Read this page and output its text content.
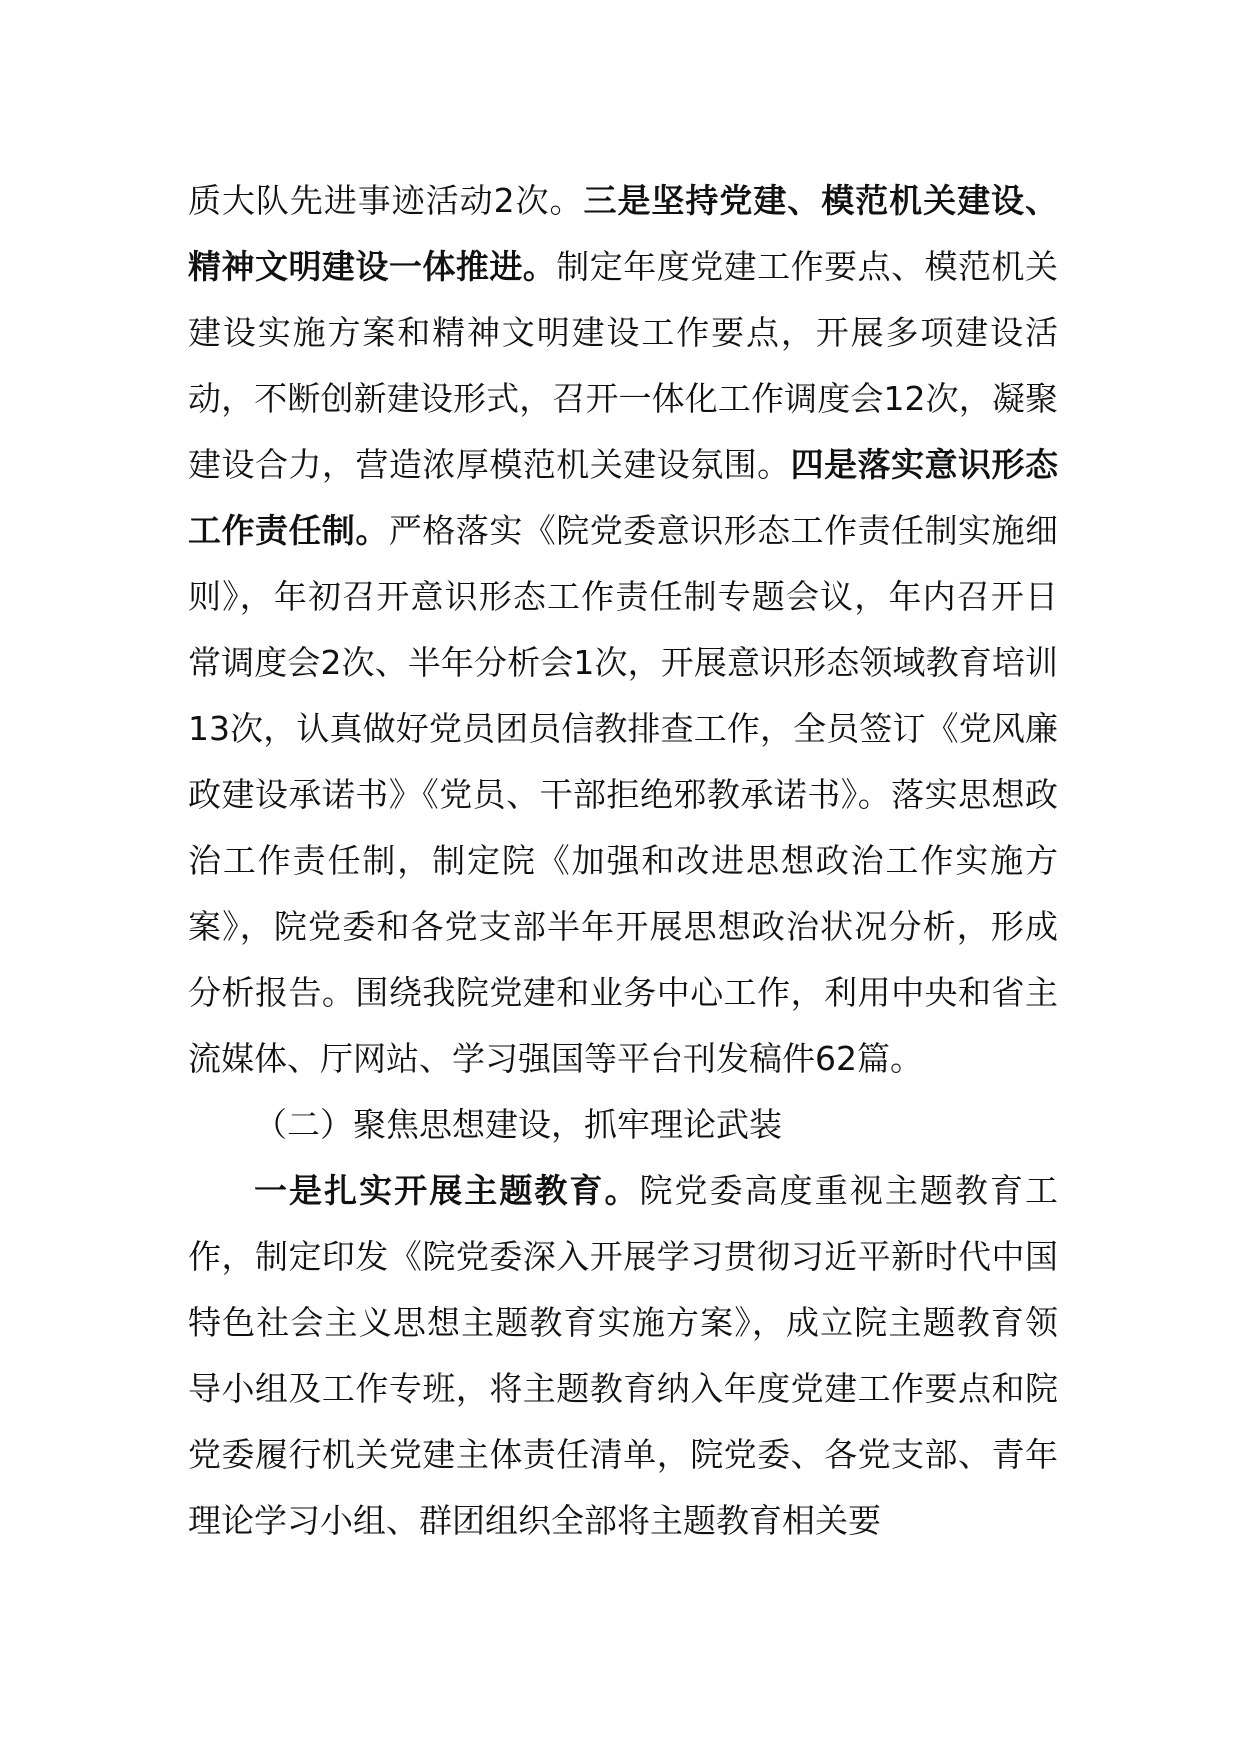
质大队先进事迹活动2次。三是坚持党建、模范机关建设、精神文明建设一体推进。制定年度党建工作要点、模范机关建设实施方案和精神文明建设工作要点，开展多项建设活动，不断创新建设形式，召开一体化工作调度会12次，凝聚建设合力，营造浓厚模范机关建设氛围。四是落实意识形态工作责任制。严格落实《院党委意识形态工作责任制实施细则》，年初召开意识形态工作责任制专题会议，年内召开日常调度会2次、半年分析会1次，开展意识形态领域教育培训13次，认真做好党员团员信教排查工作，全员签订《党风廉政建设承诺书》《党员、干部拒绝邪教承诺书》。落实思想政治工作责任制，制定院《加强和改进思想政治工作实施方案》，院党委和各党支部半年开展思想政治状况分析，形成分析报告。围绕我院党建和业务中心工作，利用中央和省主流媒体、厅网站、学习强国等平台刊发稿件62篇。

（二）聚焦思想建设，抓牢理论武装

一是扎实开展主题教育。院党委高度重视主题教育工作，制定印发《院党委深入开展学习贯彻习近平新时代中国特色社会主义思想主题教育实施方案》，成立院主题教育领导小组及工作专班，将主题教育纳入年度党建工作要点和院党委履行机关党建主体责任清单，院党委、各党支部、青年理论学习小组、群团组织全部将主题教育相关要
